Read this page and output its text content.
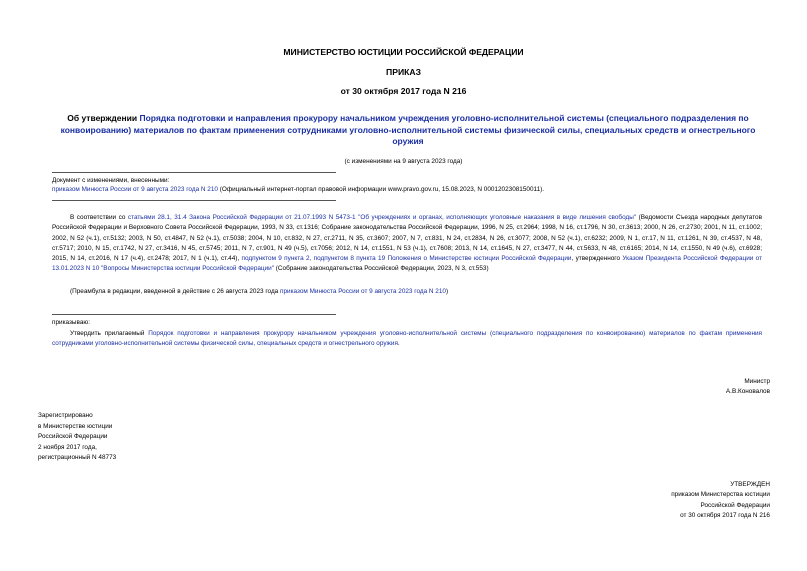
МИНИСТЕРСТВО ЮСТИЦИИ РОССИЙСКОЙ ФЕДЕРАЦИИ
ПРИКАЗ
от 30 октября 2017 года N 216
Об утверждении Порядка подготовки и направления прокурору начальником учреждения уголовно-исполнительной системы (специального подразделения по конвоированию) материалов по фактам применения сотрудниками уголовно-исполнительной системы физической силы, специальных средств и огнестрельного оружия
(с изменениями на 9 августа 2023 года)
Документ с изменениями, внесенными:
приказом Минюста России от 9 августа 2023 года N 210 (Официальный интернет-портал правовой информации www.pravo.gov.ru, 15.08.2023, N 0001202308150011).
В соответствии со статьями 28.1, 31.4 Закона Российской Федерации от 21.07.1993 N 5473-1 "Об учреждениях и органах, исполняющих уголовные наказания в виде лишения свободы" (Ведомости Съезда народных депутатов Российской Федерации и Верховного Совета Российской Федерации, 1993, N 33, ст.1316; Собрание законодательства Российской Федерации, 1996, N 25, ст.2964; 1998, N 16, ст.1796, N 30, ст.3613; 2000, N 26, ст.2730; 2001, N 11, ст.1002; 2002, N 52 (ч.1), ст.5132; 2003, N 50, ст.4847, N 52 (ч.1), ст.5038; 2004, N 10, ст.832, N 27, ст.2711, N 35, ст.3607; 2007, N 7, ст.831, N 24, ст.2834, N 26, ст.3077; 2008, N 52 (ч.1), ст.6232; 2009, N 1, ст.17, N 11, ст.1261, N 39, ст.4537, N 48, ст.5717; 2010, N 15, ст.1742, N 27, ст.3416, N 45, ст.5745; 2011, N 7, ст.901, N 49 (ч.5), ст.7056; 2012, N 14, ст.1551, N 53 (ч.1), ст.7608; 2013, N 14, ст.1645, N 27, ст.3477, N 44, ст.5633, N 48, ст.6165; 2014, N 14, ст.1550, N 49 (ч.6), ст.6928; 2015, N 14, ст.2016, N 17 (ч.4), ст.2478; 2017, N 1 (ч.1), ст.44), подпунктом 9 пункта 2, подпунктом 8 пункта 19 Положения о Министерстве юстиции Российской Федерации, утвержденного Указом Президента Российской Федерации от 13.01.2023 N 10 "Вопросы Министерства юстиции Российской Федерации" (Собрание законодательства Российской Федерации, 2023, N 3, ст.553)
(Преамбула в редакции, введенной в действие с 26 августа 2023 года приказом Минюста России от 9 августа 2023 года N 210)
приказываю:
Утвердить прилагаемый Порядок подготовки и направления прокурору начальником учреждения уголовно-исполнительной системы (специального подразделения по конвоированию) материалов по фактам применения сотрудниками уголовно-исполнительной системы физической силы, специальных средств и огнестрельного оружия.
Министр
А.В.Коновалов
Зарегистрировано
в Министерстве юстиции
Российской Федерации
2 ноября 2017 года,
регистрационный N 48773
УТВЕРЖДЕН
приказом Министерства юстиции
Российской Федерации
от 30 октября 2017 года N 216
